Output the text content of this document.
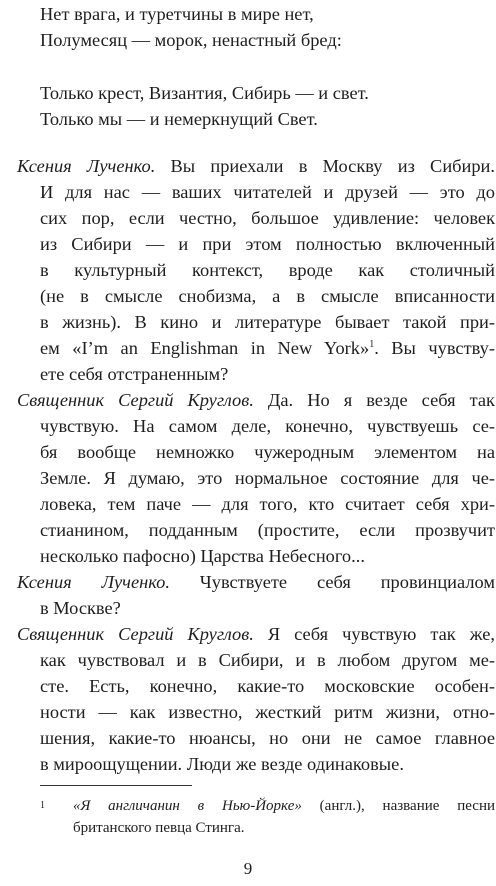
Нет врага, и туретчины в мире нет,
Полумесяц — морок, ненастный бред:
Только крест, Византия, Сибирь — и свет.
Только мы — и немеркнущий Свет.
Ксения Лученко. Вы приехали в Москву из Сибири.
И для нас — ваших читателей и друзей — это до
сих пор, если честно, большое удивление: человек
из Сибири — и при этом полностью включенный
в культурный контекст, вроде как столичный
(не в смысле снобизма, а в смысле вписанности
в жизнь). В кино и литературе бывает такой при-
ем «I’m an Englishman in New York»$^1$. Вы чувству-
ете себя отстраненным?
Священник Сергий Круглов. Да. Но я везде себя так
чувствую. На самом деле, конечно, чувствуешь се-
бя вообще немножко чужеродным элементом на
Земле. Я думаю, это нормальное состояние для че-
ловека, тем паче — для того, кто считает себя хри-
стианином, подданным (простите, если прозвучит
несколько пафосно) Царства Небесного...
Ксения Лученко. Чувствуете себя провинциалом
в Москве?
Священник Сергий Круглов. Я себя чувствую так же,
как чувствовал и в Сибири, и в любом другом ме-
сте. Есть, конечно, какие-то московские особен-
ности — как известно, жесткий ритм жизни, отно-
шения, какие-то нюансы, но они не самое главное
в мироощущении. Люди же везде одинаковые.
1 «Я англичанин в Нью-Йорке» (англ.), название песни
британского певца Стинга.
9
